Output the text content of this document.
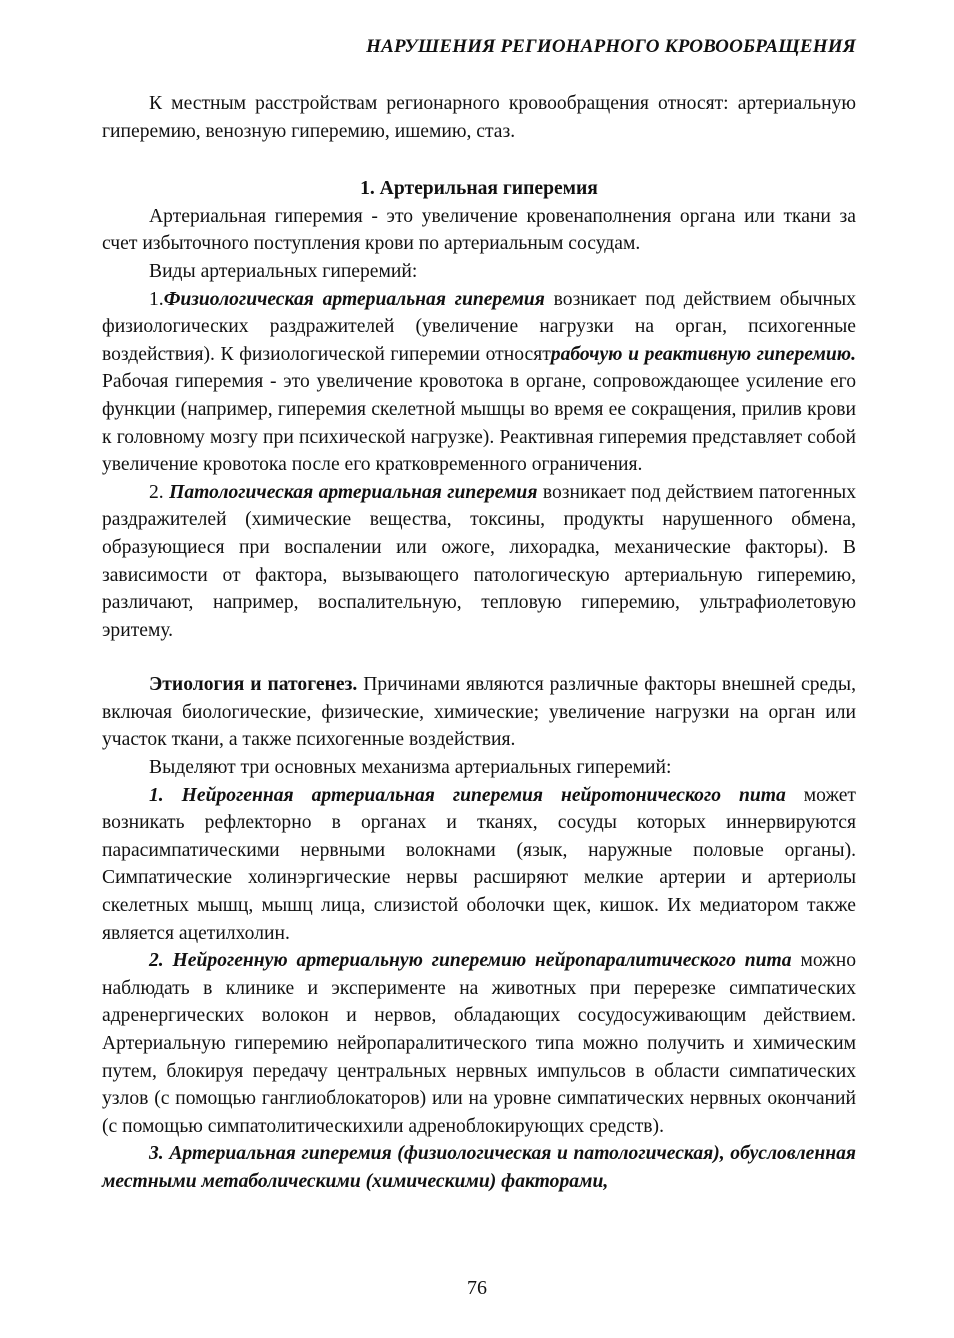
НАРУШЕНИЯ РЕГИОНАРНОГО КРОВООБРАЩЕНИЯ

К местным расстройствам регионарного кровообращения относят: артериальную гиперемию, венозную гиперемию, ишемию, стаз.

1. Артерильная гиперемия

Артериальная гиперемия - это увеличение кровенаполнения органа или ткани за счет избыточного поступления крови по артериальным сосудам.

Виды артериальных гиперемий:

1.Физиологическая артериальная гиперемия возникает под действием обычных физиологических раздражителей (увеличение нагрузки на орган, психогенные воздействия). К физиологической гиперемии относятрабочую и реактивную гиперемию. Рабочая гиперемия - это увеличение кровотока в органе, сопровождающее усиление его функции (например, гиперемия скелетной мышцы во время ее сокращения, прилив крови к головному мозгу при психической нагрузке). Реактивная гиперемия представляет собой увеличение кровотока после его кратковременного ограничения.

2. Патологическая артериальная гиперемия возникает под действием патогенных раздражителей (химические вещества, токсины, продукты нарушенного обмена, образующиеся при воспалении или ожоге, лихорадка, механические факторы). В зависимости от фактора, вызывающего патологическую артериальную гиперемию, различают, например, воспалительную, тепловую гиперемию, ультрафиолетовую эритему.

Этиология и патогенез. Причинами являются различные факторы внешней среды, включая биологические, физические, химические; увеличение нагрузки на орган или участок ткани, а также психогенные воздействия.

Выделяют три основных механизма артериальных гиперемий:

1. Нейрогенная артериальная гиперемия нейротонического пита может возникать рефлекторно в органах и тканях, сосуды которых иннервируются парасимпатическими нервными волокнами (язык, наружные половые органы). Симпатические холинэргические нервы расширяют мелкие артерии и артериолы скелетных мышц, мышц лица, слизистой оболочки щек, кишок. Их медиатором также является ацетилхолин.

2. Нейрогенную артериальную гиперемию нейропаралитического пита можно наблюдать в клинике и эксперименте на животных при перерезке симпатических адренергических волокон и нервов, обладающих сосудосуживающим действием. Артериальную гиперемию нейропаралитического типа можно получить и химическим путем, блокируя передачу центральных нервных импульсов в области симпатических узлов (с помощью ганглиоблокаторов) или на уровне симпатических нервных окончаний (с помощью симпатолитическихили адреноблокирующих средств).

3. Артериальная гиперемия (физиологическая и патологическая), обусловленная местными метаболическими (химическими) факторами,

76
